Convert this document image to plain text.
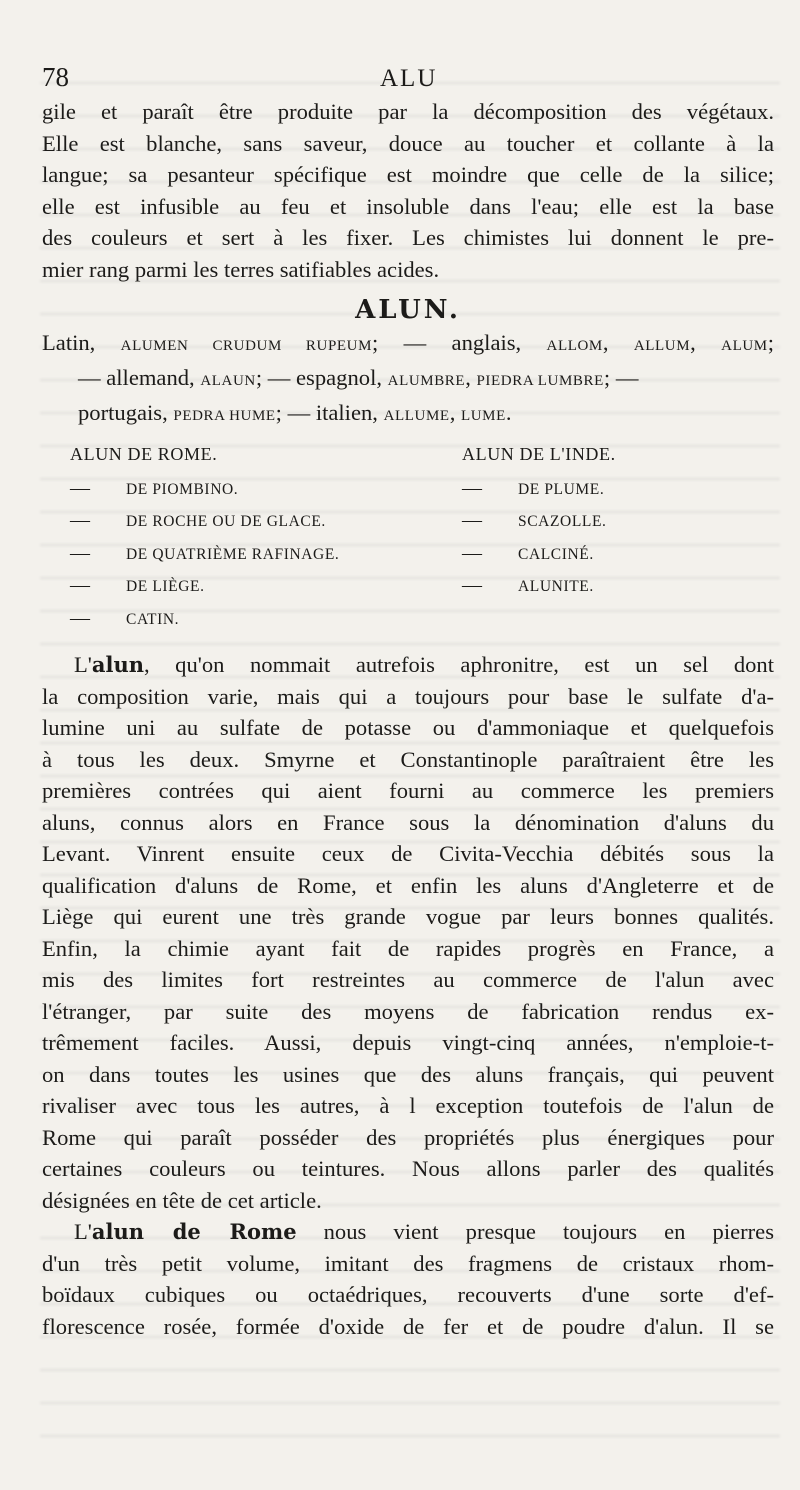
78	ALU

gile et paraît être produite par la décomposition des végétaux.
Elle est blanche, sans saveur, douce au toucher et collante à la
langue; sa pesanteur spécifique est moindre que celle de la silice;
elle est infusible au feu et insoluble dans l'eau; elle est la base
des couleurs et sert à les fixer. Les chimistes lui donnent le pre-
mier rang parmi les terres satifiables acides.

ALUN.
Latin, ALUMEN CRUDUM RUPEUM; — anglais, ALLOM, ALLUM, ALUM;
— allemand, ALAUN; — espagnol, ALUMBRE, PIEDRA LUMBRE; —
portugais, PEDRA HUME; — italien, ALLUME, LUME.
ALUN DE ROME.
— DE PIOMBINO.
— DE ROCHE OU DE GLACE.
— DE QUATRIÈME RAFINAGE.
— DE LIÈGE.
— CATIN.
ALUN DE L'INDE.
— DE PLUME.
— SCAZOLLE.
— CALCINÉ.
— ALUNITE.

L'alun, qu'on nommait autrefois aphronitre, est un sel dont
la composition varie, mais qui a toujours pour base le sulfate d'a-
lumine uni au sulfate de potasse ou d'ammoniaque et quelquefois
à tous les deux. Smyrne et Constantinople paraîtraient être les
premières contrées qui aient fourni au commerce les premiers
aluns, connus alors en France sous la dénomination d'aluns du
Levant. Vinrent ensuite ceux de Civita-Vecchia débités sous la
qualification d'aluns de Rome, et enfin les aluns d'Angleterre et de
Liège qui eurent une très grande vogue par leurs bonnes qualités.
Enfin, la chimie ayant fait de rapides progrès en France, a
mis des limites fort restreintes au commerce de l'alun avec
l'étranger, par suite des moyens de fabrication rendus ex-
trêmement faciles. Aussi, depuis vingt-cinq années, n'emploie-t-
on dans toutes les usines que des aluns français, qui peuvent
rivaliser avec tous les autres, à l exception toutefois de l'alun de
Rome qui paraît posséder des propriétés plus énergiques pour
certaines couleurs ou teintures. Nous allons parler des qualités
désignées en tête de cet article.

L'alun de Rome nous vient presque toujours en pierres
d'un très petit volume, imitant des fragmens de cristaux rhom-
boïdaux cubiques ou octaédriques, recouverts d'une sorte d'ef-
florescence rosée, formée d'oxide de fer et de poudre d'alun. Il se
